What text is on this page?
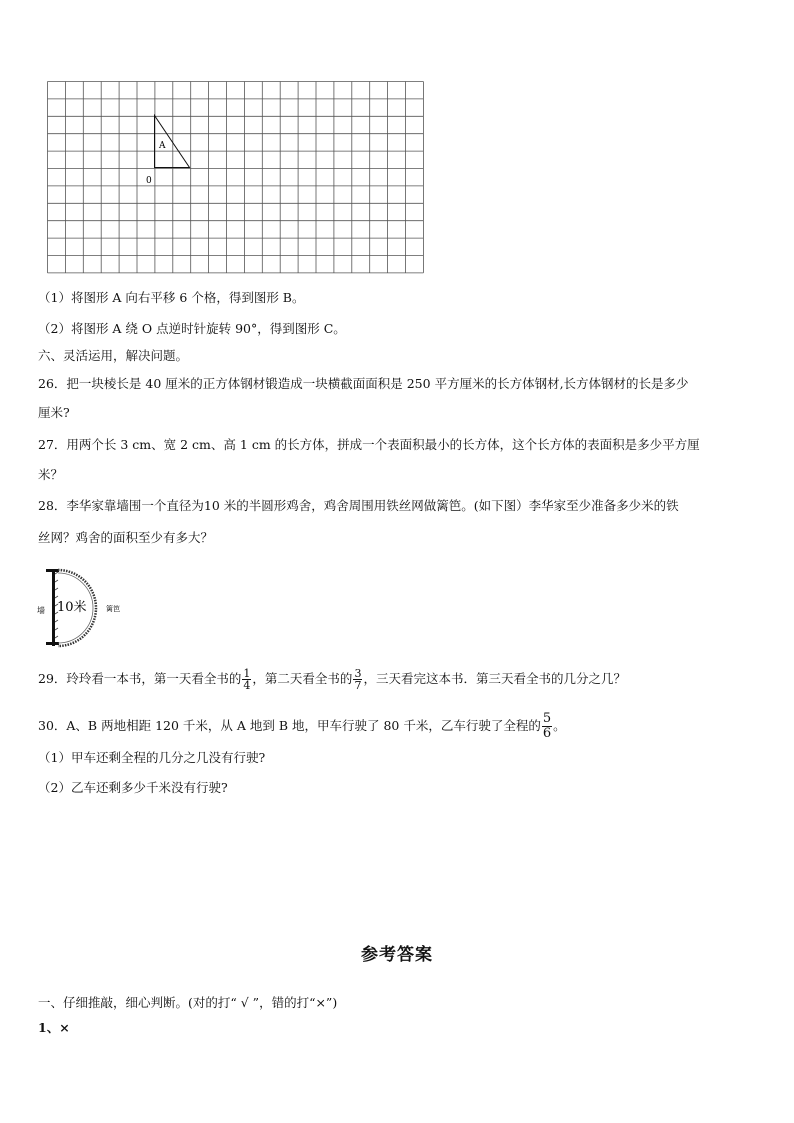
A
0
（1）将图形 A 向右平移 6 个格，得到图形 B。
（2）将图形 A 绕 O 点逆时针旋转 90°，得到图形 C。
六、灵活运用，解决问题。
26．把一块棱长是 40 厘米的正方体钢材锻造成一块横截面面积是 250 平方厘米的长方体钢材,长方体钢材的长是多少
厘米?
27．用两个长 3 cm、宽 2 cm、高 1 cm 的长方体，拼成一个表面积最小的长方体，这个长方体的表面积是多少平方厘
米？
28．李华家靠墙围一个直径为10 米的半圆形鸡舍，鸡舍周围用铁丝网做篱笆。(如下图）李华家至少准备多少米的铁
丝网？鸡舍的面积至少有多大？
墙 10米	篱笆
29．玲玲看一本书，第一天看全书的 $\frac{1}{4}$ ，第二天看全书的 $\frac{3}{7}$ ，三天看完这本书．第三天看全书的几分之几？
30．A、B 两地相距 120 千米，从 A 地到 B 地，甲车行驶了 80 千米，乙车行驶了全程的 $\frac{5}{6}$ 。
（1）甲车还剩全程的几分之几没有行驶?
（2）乙车还剩多少千米没有行驶?
参考答案
一、仔细推敲，细心判断。(对的打“ √ ”，错的打“×”)
1、×
